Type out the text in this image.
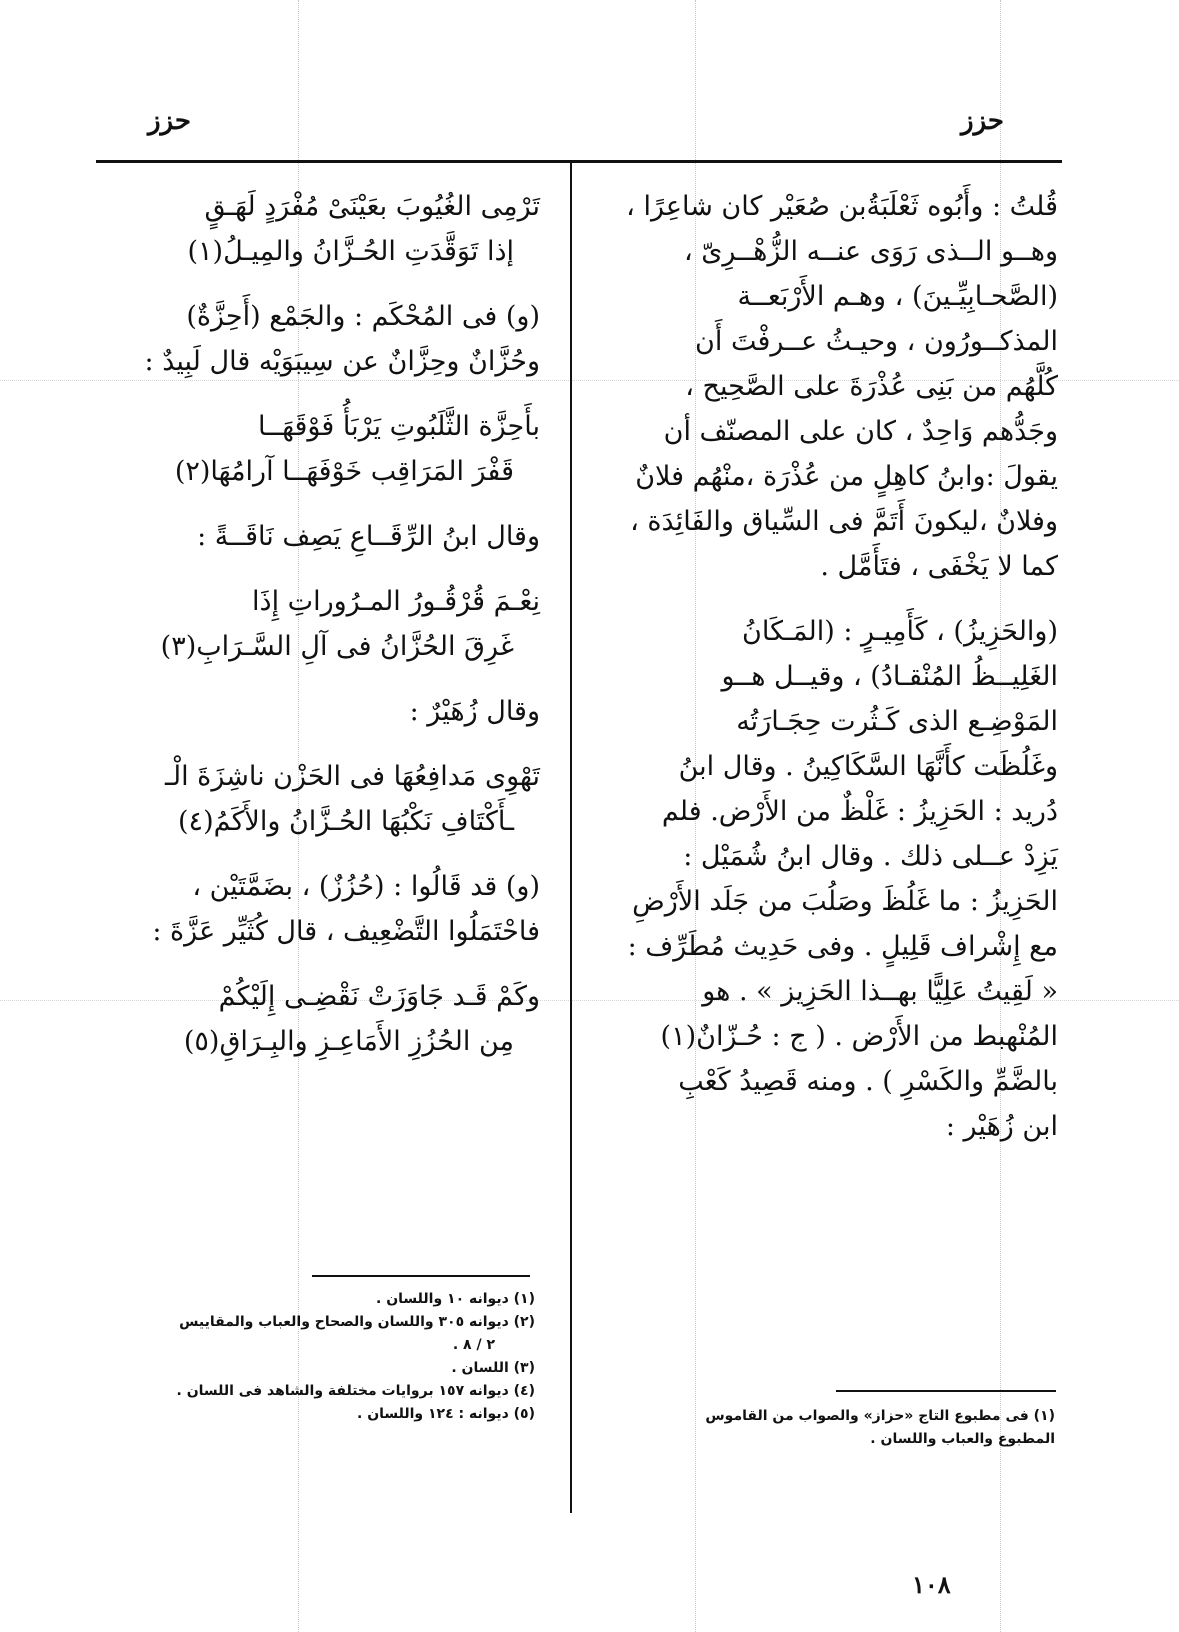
حزز
حزز

قُلتُ : وأَبُوه ثَعْلَبَةُبن صُعَيْر كان شاعِرًا ،

وهــو الــذى رَوَى عنــه الزُّهْــرِىّ ،

(الصَّحـابِيِّـينَ) ، وهـم الأَرْبَعــة

المذكــورُون ، وحيـثُ عــرفْتَ أَن

كُلَّهُم من بَنِى عُذْرَةَ على الصَّحِيح ،

وجَدُّهم وَاحِدٌ ، كان على المصنّف أن

يقولَ :وابنُ كاهِلٍ من عُذْرَة ،منْهُم فلانٌ

وفلانٌ ،ليكونَ أَتَمَّ فى السِّياق والفَائِدَة ،

كما لا يَخْفَى ، فتَأَمَّل .

(والحَزِيزُ) ، كَأَمِيـرٍ : (المَـكَانُ

الغَلِيــظُ المُنْقـادُ) ، وقيــل هــو

المَوْضِـع الذى كَـثُرت حِجَـارَتُه

وغَلُظَت كأَنَّهَا السَّكَاكِينُ . وقال ابنُ

دُريد : الحَزِيزُ : غَلْظٌ من الأَرْض. فلم

يَزِدْ عــلى ذلك . وقال ابنُ شُمَيْل :

الحَزِيزُ : ما غَلُظَ وصَلُبَ من جَلَد الأَرْضِ

مع إِشْراف قَلِيلٍ . وفى حَدِيث مُطَرِّف :

« لَقِيتُ عَلِيًّا بهــذا الحَزِيز » . هو

المُنْهبط من الأَرْض . ( ج : حُـزّانٌ(١)

بالضَّمِّ والكَسْرِ ) . ومنه قَصِيدُ كَعْبِ

ابن زُهَيْر :

تَرْمِى الغُيُوبَ بعَيْنَىْ مُفْرَدٍ لَهَـقٍ

إذا تَوَقَّدَتِ الحُـزَّانُ والمِيـلُ(١)

(و) فى المُحْكَم : والجَمْع (أَحِزَّةٌ)

وحُزَّانٌ وحِزَّانٌ عن سِيبَوَيْه قال لَبِيدٌ :

بأَحِزَّة الثَّلَبُوتِ يَرْبَأُ فَوْقَهَــا

قَفْرَ المَرَاقِب خَوْفَهَــا آرامُهَا(٢)

وقال ابنُ الرِّقَــاعِ يَصِف نَاقَــةً :

نِعْـمَ قُرْقُـورُ المـرُوراتِ إِذَا

غَرِقَ الحُزَّانُ فى آلِ السَّـرَابِ(٣)

وقال زُهَيْرٌ :

تَهْوِى مَدافِعُهَا فى الحَزْن ناشِزَةَ الْـ

ـأَكْتَافِ نَكْبُهَا الحُـزَّانُ والأَكَمُ(٤)

(و) قد قَالُوا : (حُزُزٌ) ، بضَمَّتَيْن ،

فاحْتَمَلُوا التَّضْعِيف ، قال كُثَيِّر عَزَّةَ :

وكَمْ قَـد جَاوَزَتْ نَقْضِـى إِلَيْكُمْ

مِن الحُزُزِ الأَمَاعِـزِ والبِـرَاقِ(٥)

(١) فى مطبوع التاج «حزاز» والصواب من القاموس
المطبوع والعباب واللسان .
(١) ديوانه ١٠ واللسان .
(٢) ديوانه ٣٠٥ واللسان والصحاح والعباب والمقاييس
٢ / ٨ .
(٣) اللسان .
(٤) ديوانه ١٥٧ بروايات مختلفة والشاهد فى اللسان .
(٥) ديوانه : ١٢٤ واللسان .
١٠٨
